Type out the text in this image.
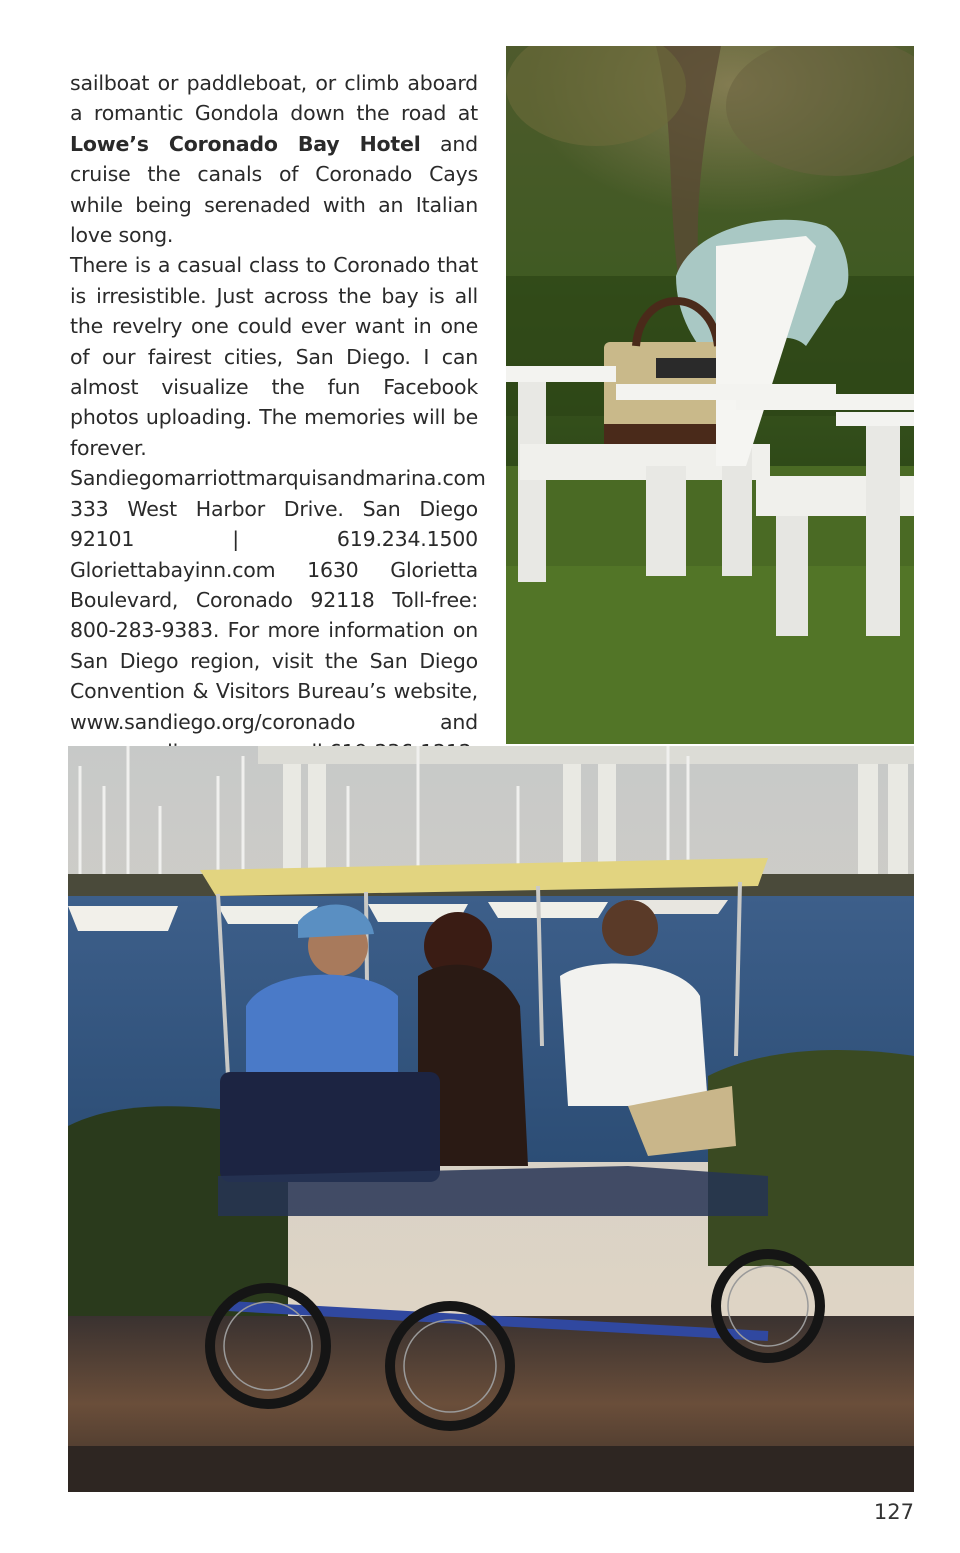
sailboat or paddleboat, or climb aboard a romantic Gondola down the road at Lowe’s Coronado Bay Hotel and cruise the canals of Coronado Cays while being serenaded with an Italian love song.

There is a casual class to Coronado that is irresistible. Just across the bay is all the revelry one could ever want in one of our fairest cities, San Diego. I can almost visualize the fun Facebook photos uploading. The memories will be forever. Sandiegomarriottmarquisandmarina.com 333 West Harbor Drive. San Diego 92101 | 619.234.1500 Gloriettabayinn.com 1630 Glorietta Boulevard, Coronado 92118 Toll-free: 800-283-9383. For more information on San Diego region, visit the San Diego Convention & Visitors Bureau’s website, www.sandiego.org/coronado and

127
